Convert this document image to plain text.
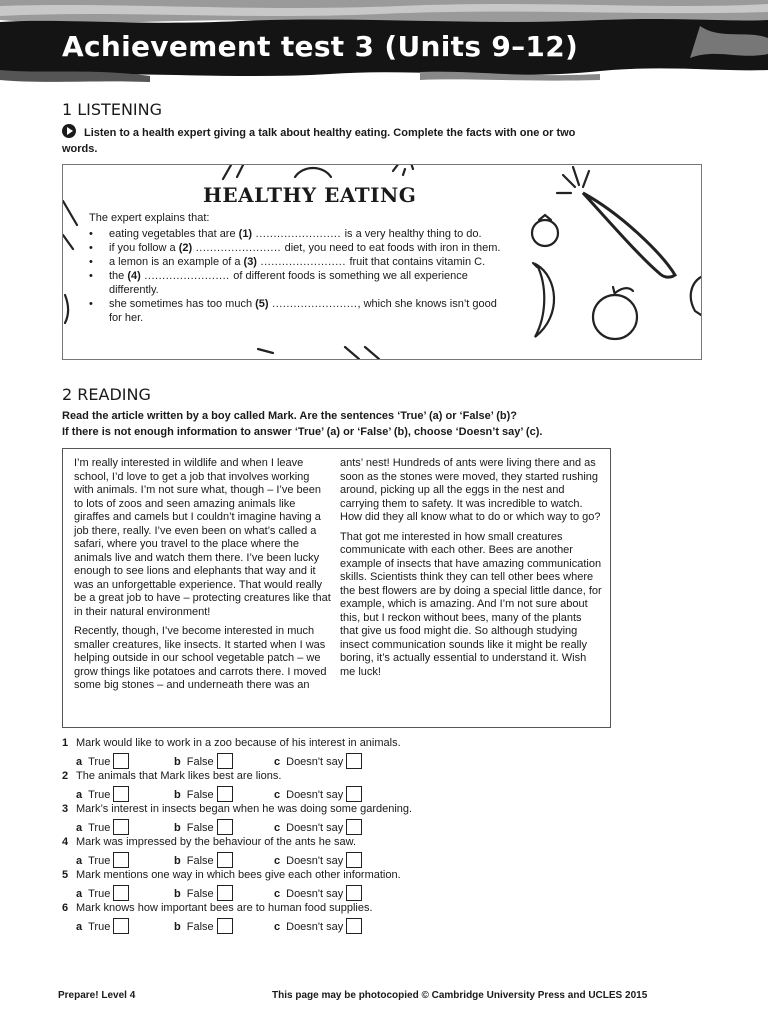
Achievement test 3 (Units 9–12)
1 LISTENING
Listen to a health expert giving a talk about healthy eating. Complete the facts with one or two words.
HEALTHY EATING
The expert explains that:
• eating vegetables that are (1) ........................ is a very healthy thing to do.
• if you follow a (2) ........................ diet, you need to eat foods with iron in them.
• a lemon is an example of a (3) ........................ fruit that contains vitamin C.
• the (4) ........................ of different foods is something we all experience differently.
• she sometimes has too much (5) ........................, which she knows isn’t good for her.
2 READING
Read the article written by a boy called Mark. Are the sentences ‘True’ (a) or ‘False’ (b)?
If there is not enough information to answer ‘True’ (a) or ‘False’ (b), choose ‘Doesn’t say’ (c).

I’m really interested in wildlife and when I leave school, I’d love to get a job that involves working with animals. I’m not sure what, though – I’ve been to lots of zoos and seen amazing animals like giraffes and camels but I couldn’t imagine having a job there, really. I’ve even been on what’s called a safari, where you travel to the place where the animals live and watch them there. I’ve been lucky enough to see lions and elephants that way and it was an unforgettable experience. That would really be a great job to have – protecting creatures like that in their natural environment!

Recently, though, I’ve become interested in much smaller creatures, like insects. It started when I was helping outside in our school vegetable patch – we grow things like potatoes and carrots there. I moved some big stones – and underneath there was an

ants’ nest! Hundreds of ants were living there and as soon as the stones were moved, they started rushing around, picking up all the eggs in the nest and carrying them to safety. It was incredible to watch. How did they all know what to do or which way to go?

That got me interested in how small creatures communicate with each other. Bees are another example of insects that have amazing communication skills. Scientists think they can tell other bees where the best flowers are by doing a special little dance, for example, which is amazing. And I’m not sure about this, but I reckon without bees, many of the plants that give us food might die. So although studying insect communication sounds like it might be really boring, it’s actually essential to understand it. Wish me luck!

1 Mark would like to work in a zoo because of his interest in animals.
a True	b False	c Doesn't say
2 The animals that Mark likes best are lions.
a True	b False	c Doesn't say
3 Mark’s interest in insects began when he was doing some gardening.
a True	b False	c Doesn't say
4 Mark was impressed by the behaviour of the ants he saw.
a True	b False	c Doesn't say
5 Mark mentions one way in which bees give each other information.
a True	b False	c Doesn't say
6 Mark knows how important bees are to human food supplies.
a True	b False	c Doesn't say
Prepare! Level 4	This page may be photocopied © Cambridge University Press and UCLES 2015
